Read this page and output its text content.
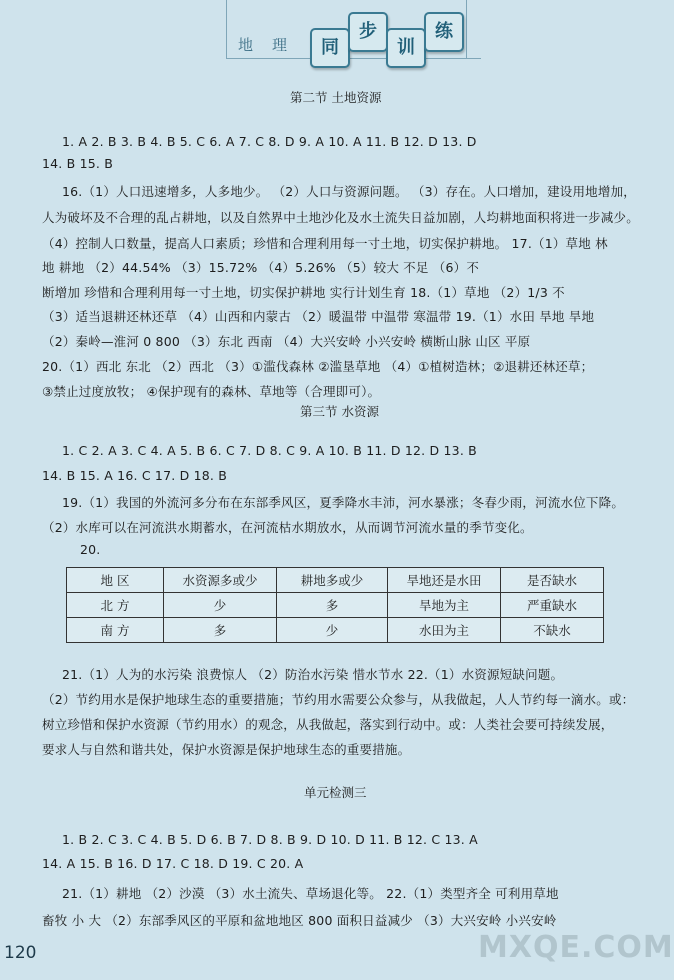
地 理	同
步
训
练
第二节 土地资源
1. A 2. B 3. B 4. B 5. C 6. A 7. C 8. D 9. A 10. A 11. B 12. D 13. D
14. B 15. B
16.（1）人口迅速增多，人多地少。 （2）人口与资源问题。 （3）存在。人口增加，建设用地增加，
人为破坏及不合理的乱占耕地，以及自然界中土地沙化及水土流失日益加剧，人均耕地面积将进一步减少。
（4）控制人口数量，提高人口素质；珍惜和合理利用每一寸土地，切实保护耕地。 17.（1）草地 林
地 耕地 （2）44.54% （3）15.72% （4）5.26% （5）较大 不足 （6）不
断增加 珍惜和合理利用每一寸土地，切实保护耕地 实行计划生育 18.（1）草地 （2）1/3 不
（2）秦岭—淮河 0 800 （3）东北 西南 （4）大兴安岭 小兴安岭 横断山脉 山区 平原
20.（1）西北 东北 （2）西北 （3）①滥伐森林 ②滥垦草地 （4）①植树造林；②退耕还林还草；
③禁止过度放牧； ④保护现有的森林、草地等（合理即可）。
（3）适当退耕还林还草 （4）山西和内蒙古 （2）暖温带 中温带 寒温带 19.（1）水田 旱地 旱地
第三节 水资源
1. C 2. A 3. C 4. A 5. B 6. C 7. D 8. C 9. A 10. B 11. D 12. D 13. B
14. B 15. A 16. C 17. D 18. B
19.（1）我国的外流河多分布在东部季风区，夏季降水丰沛，河水暴涨；冬春少雨，河流水位下降。
（2）水库可以在河流洪水期蓄水，在河流枯水期放水，从而调节河流水量的季节变化。
20.
地 区	水资源多或少	耕地多或少	旱地还是水田	是否缺水
北 方	少	多	旱地为主	严重缺水
南 方	多	少	水田为主	不缺水
21.（1）人为的水污染 浪费惊人 （2）防治水污染 惜水节水 22.（1）水资源短缺问题。
（2）节约用水是保护地球生态的重要措施；节约用水需要公众参与，从我做起，人人节约每一滴水。或：
树立珍惜和保护水资源（节约用水）的观念，从我做起，落实到行动中。或：人类社会要可持续发展，
要求人与自然和谐共处，保护水资源是保护地球生态的重要措施。
单元检测三
1. B 2. C 3. C 4. B 5. D 6. B 7. D 8. B 9. D 10. D 11. B 12. C 13. A
14. A 15. B 16. D 17. C 18. D 19. C 20. A
21.（1）耕地 （2）沙漠 （3）水土流失、草场退化等。 22.（1）类型齐全 可利用草地
畜牧 小 大 （2）东部季风区的平原和盆地地区 800 面积日益减少 （3）大兴安岭 小兴安岭
120	MXQE.COM
